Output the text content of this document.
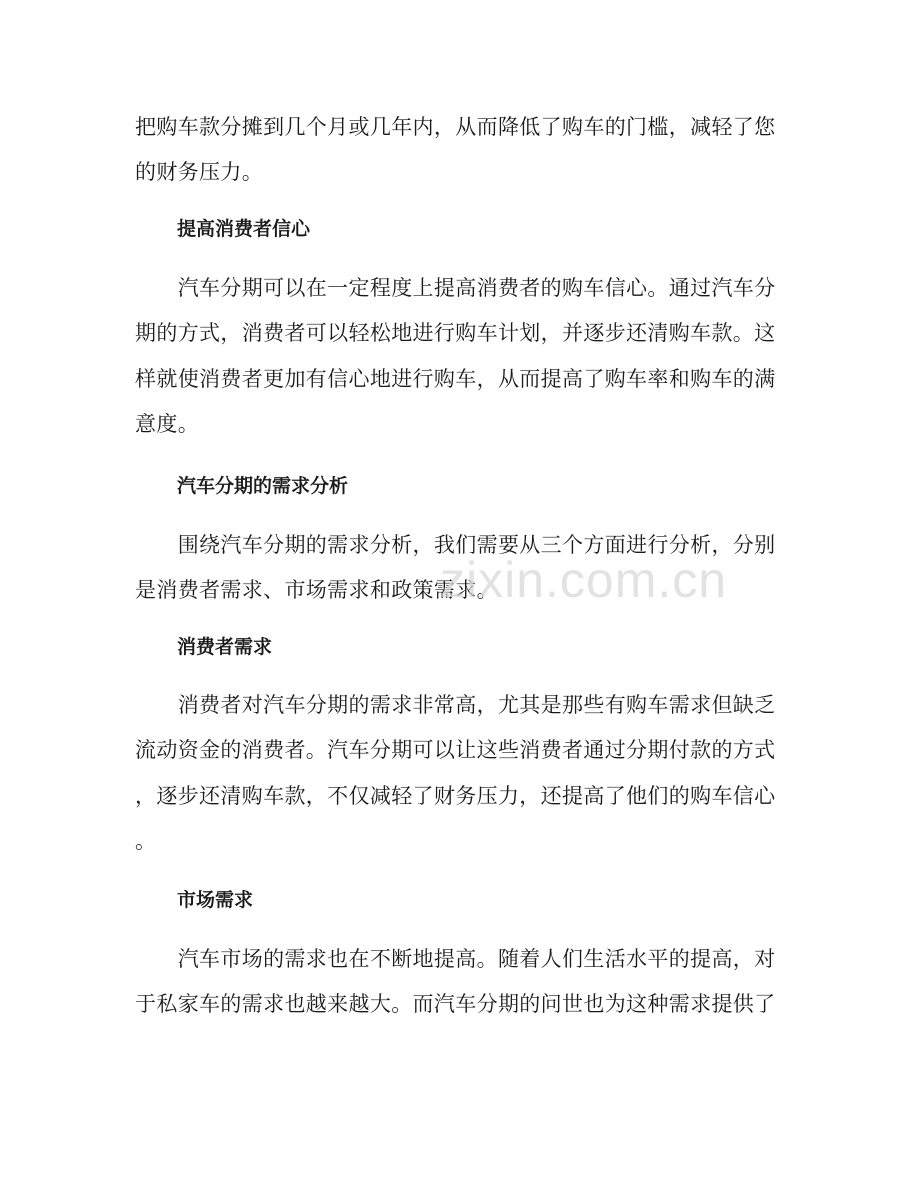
把购车款分摊到几个月或几年内，从而降低了购车的门槛，减轻了您
的财务压力。
提高消费者信心
　　汽车分期可以在一定程度上提高消费者的购车信心。通过汽车分
期的方式，消费者可以轻松地进行购车计划，并逐步还清购车款。这
样就使消费者更加有信心地进行购车，从而提高了购车率和购车的满
意度。
汽车分期的需求分析
　　围绕汽车分期的需求分析，我们需要从三个方面进行分析，分别
是消费者需求、市场需求和政策需求。
消费者需求
　　消费者对汽车分期的需求非常高，尤其是那些有购车需求但缺乏
流动资金的消费者。汽车分期可以让这些消费者通过分期付款的方式
，逐步还清购车款，不仅减轻了财务压力，还提高了他们的购车信心
。
市场需求
　　汽车市场的需求也在不断地提高。随着人们生活水平的提高，对
于私家车的需求也越来越大。而汽车分期的问世也为这种需求提供了
zixin.com.cn
